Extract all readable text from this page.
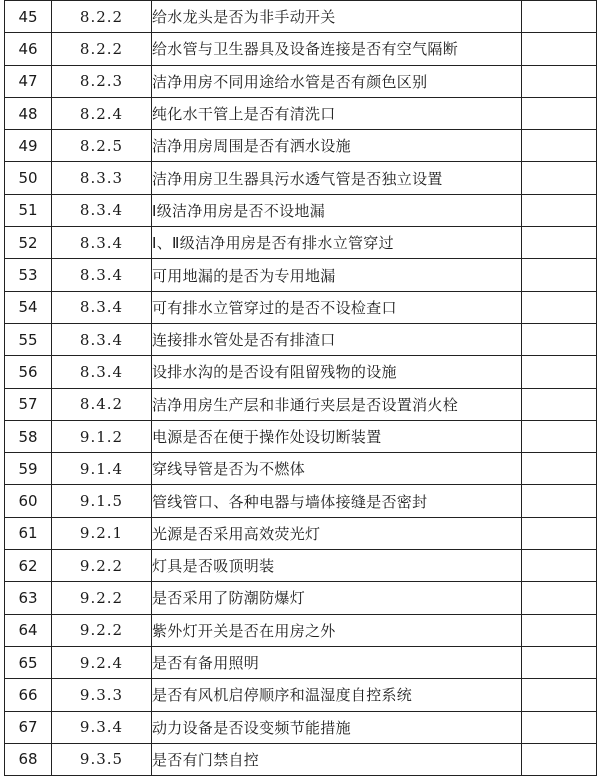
45	8.2.2	给水龙头是否为非手动开关	
46	8.2.2	给水管与卫生器具及设备连接是否有空气隔断	
47	8.2.3	洁净用房不同用途给水管是否有颜色区别	
48	8.2.4	纯化水干管上是否有清洗口	
49	8.2.5	洁净用房周围是否有洒水设施	
50	8.3.3	洁净用房卫生器具污水透气管是否独立设置	
51	8.3.4	Ⅰ级洁净用房是否不设地漏	
52	8.3.4	Ⅰ、Ⅱ级洁净用房是否有排水立管穿过	
53	8.3.4	可用地漏的是否为专用地漏	
54	8.3.4	可有排水立管穿过的是否不设检查口	
55	8.3.4	连接排水管处是否有排渣口	
56	8.3.4	设排水沟的是否设有阻留残物的设施	
57	8.4.2	洁净用房生产层和非通行夹层是否设置消火栓	
58	9.1.2	电源是否在便于操作处设切断装置	
59	9.1.4	穿线导管是否为不燃体	
60	9.1.5	管线管口、各种电器与墙体接缝是否密封	
61	9.2.1	光源是否采用高效荧光灯	
62	9.2.2	灯具是否吸顶明装	
63	9.2.2	是否采用了防潮防爆灯	
64	9.2.2	紫外灯开关是否在用房之外	
65	9.2.4	是否有备用照明	
66	9.3.3	是否有风机启停顺序和温湿度自控系统	
67	9.3.4	动力设备是否设变频节能措施	
68	9.3.5	是否有门禁自控	
